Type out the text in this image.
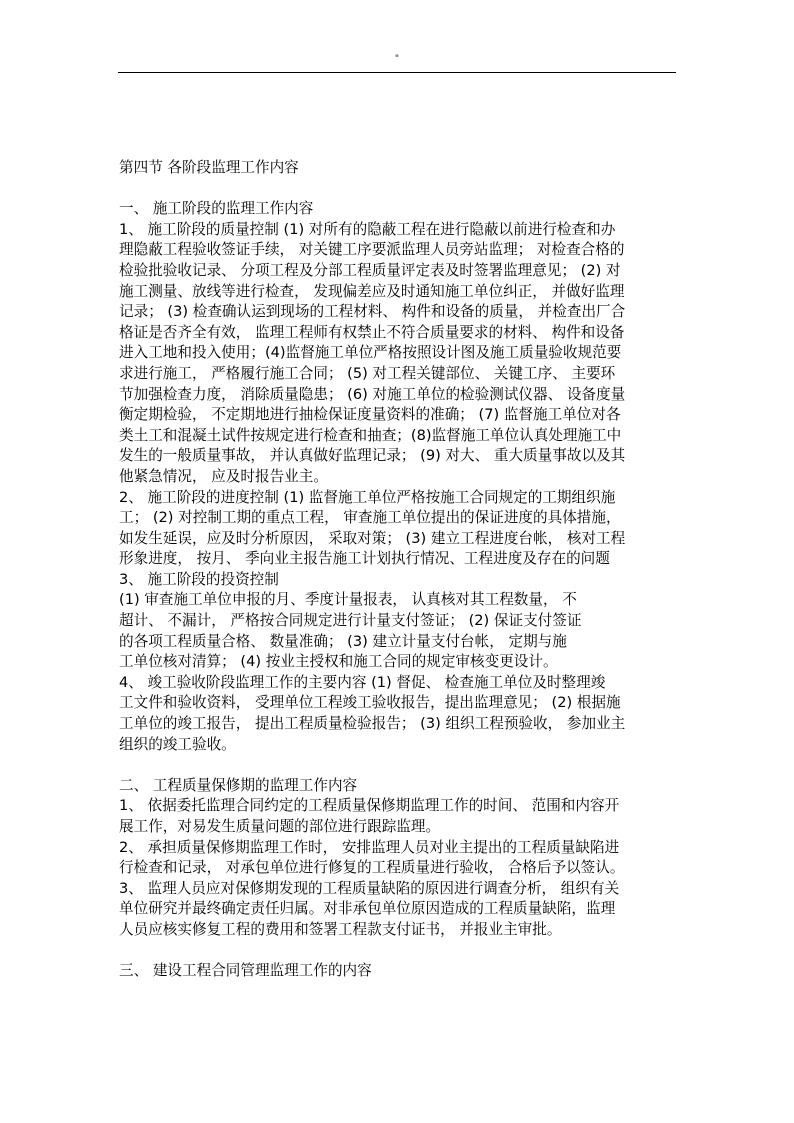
"

第四节 各阶段监理工作内容

一、 施工阶段的监理工作内容

1、 施工阶段的质量控制 (1) 对所有的隐蔽工程在进行隐蔽以前进行检查和办

理隐蔽工程验收签证手续， 对关键工序要派监理人员旁站监理； 对检查合格的

检验批验收记录、 分项工程及分部工程质量评定表及时签署监理意见； (2) 对

施工测量、放线等进行检查， 发现偏差应及时通知施工单位纠正， 并做好监理

记录； (3) 检查确认运到现场的工程材料、 构件和设备的质量， 并检查出厂合

格证是否齐全有效， 监理工程师有权禁止不符合质量要求的材料、 构件和设备

进入工地和投入使用；(4)监督施工单位严格按照设计图及施工质量验收规范要

求进行施工， 严格履行施工合同； (5) 对工程关键部位、 关键工序、 主要环

节加强检查力度， 消除质量隐患； (6) 对施工单位的检验测试仪器、 设备度量

衡定期检验， 不定期地进行抽检保证度量资料的准确； (7) 监督施工单位对各

类土工和混凝土试件按规定进行检查和抽查；(8)监督施工单位认真处理施工中

发生的一般质量事故， 并认真做好监理记录； (9) 对大、 重大质量事故以及其

他紧急情况， 应及时报告业主。

2、 施工阶段的进度控制 (1) 监督施工单位严格按施工合同规定的工期组织施

工； (2) 对控制工期的重点工程， 审查施工单位提出的保证进度的具体措施，

如发生延误，应及时分析原因， 采取对策； (3) 建立工程进度台帐， 核对工程

形象进度， 按月、 季向业主报告施工计划执行情况、工程进度及存在的问题

3、 施工阶段的投资控制

(1) 审查施工单位申报的月、季度计量报表， 认真核对其工程数量， 不

超计、 不漏计， 严格按合同规定进行计量支付签证； (2) 保证支付签证

的各项工程质量合格、 数量准确； (3) 建立计量支付台帐， 定期与施

工单位核对清算； (4) 按业主授权和施工合同的规定审核变更设计。

4、 竣工验收阶段监理工作的主要内容 (1) 督促、 检查施工单位及时整理竣

工文件和验收资料， 受理单位工程竣工验收报告，提出监理意见； (2) 根据施

工单位的竣工报告， 提出工程质量检验报告； (3) 组织工程预验收， 参加业主

组织的竣工验收。

二、 工程质量保修期的监理工作内容

1、 依据委托监理合同约定的工程质量保修期监理工作的时间、 范围和内容开

展工作，对易发生质量问题的部位进行跟踪监理。

2、 承担质量保修期监理工作时， 安排监理人员对业主提出的工程质量缺陷进

行检查和记录， 对承包单位进行修复的工程质量进行验收， 合格后予以签认。

3、 监理人员应对保修期发现的工程质量缺陷的原因进行调查分析， 组织有关

单位研究并最终确定责任归属。对非承包单位原因造成的工程质量缺陷，监理

人员应核实修复工程的费用和签署工程款支付证书， 并报业主审批。

三、 建设工程合同管理监理工作的内容
